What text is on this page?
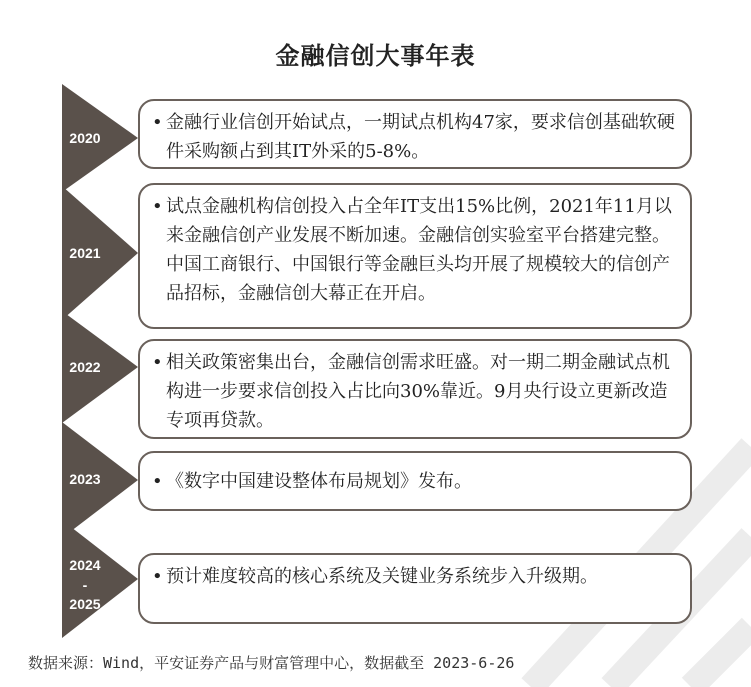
金融信创大事年表
2020
• 金融行业信创开始试点，一期试点机构47家，要求信创基础软硬件采购额占到其IT外采的5-8%。
2021
• 试点金融机构信创投入占全年IT支出15%比例，2021年11月以来金融信创产业发展不断加速。金融信创实验室平台搭建完整。中国工商银行、中国银行等金融巨头均开展了规模较大的信创产品招标，金融信创大幕正在开启。
2022	• 相关政策密集出台，金融信创需求旺盛。对一期二期金融试点机构进一步要求信创投入占比向30%靠近。9月央行设立更新改造专项再贷款。
2023	• 《数字中国建设整体布局规划》发布。
2024
-
2025
• 预计难度较高的核心系统及关键业务系统步入升级期。
数据来源：Wind，平安证券产品与财富管理中心，数据截至 2023-6-26
